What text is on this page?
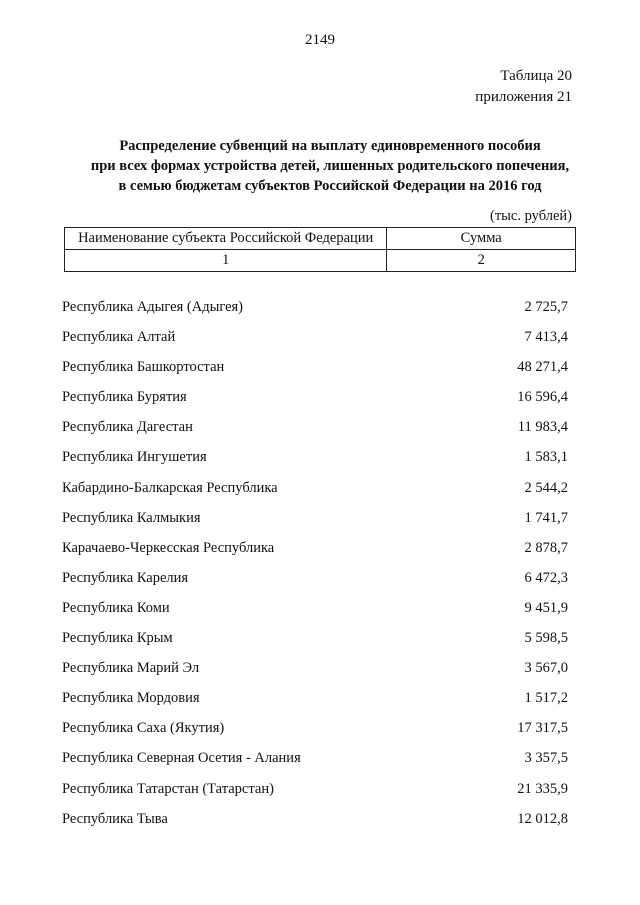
2149
Таблица 20
приложения 21
Распределение субвенций на выплату единовременного пособия
при всех формах устройства детей, лишенных родительского попечения,
в семью бюджетам субъектов Российской Федерации на 2016 год
(тыс. рублей)
Наименование субъекта Российской Федерации	Сумма
1	2
Республика Адыгея (Адыгея)	2 725,7
Республика Алтай	7 413,4
Республика Башкортостан	48 271,4
Республика Бурятия	16 596,4
Республика Дагестан	11 983,4
Республика Ингушетия	1 583,1
Кабардино-Балкарская Республика	2 544,2
Республика Калмыкия	1 741,7
Карачаево-Черкесская Республика	2 878,7
Республика Карелия	6 472,3
Республика Коми	9 451,9
Республика Крым	5 598,5
Республика Марий Эл	3 567,0
Республика Мордовия	1 517,2
Республика Саха (Якутия)	17 317,5
Республика Северная Осетия - Алания	3 357,5
Республика Татарстан (Татарстан)	21 335,9
Республика Тыва	12 012,8
